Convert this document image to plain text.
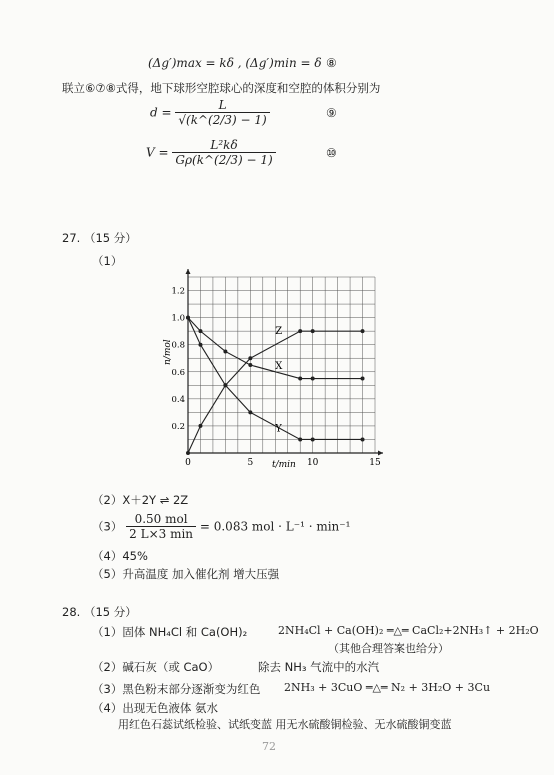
(Δg′)max = kδ , (Δg′)min = δ ⑧
联立⑥⑦⑧式得，地下球形空腔球心的深度和空腔的体积分别为
$d = \frac{L}{√(k\^{}(2/3) - 1)}$	⑨
$V = \frac{\text{L²kδ}}{G\rho(k\^{}(2/3) - 1)}$	⑩
27. （15 分）
（1）
X
Y
Z
0	5	10	15
0.2
0.4
0.6
0.8
1.0
1.2
t/min
n/mol
（2）X＋2Y ⇌ 2Z
$(3) \frac{\text{0.50 mol}}{2 L\times 3 \min} = 0.083$ mol · L⁻¹ · min⁻¹
（4）45%
（5）升高温度 加入催化剂 增大压强
28. （15 分）
（1）固体 NH₄Cl 和 Ca(OH)₂	2NH₄Cl + Ca(OH)₂ ═△═ CaCl₂+2NH₃↑ + 2H₂O
（其他合理答案也给分）
（2）碱石灰（或 CaO）	除去 NH₃ 气流中的水汽
（3）黑色粉末部分逐渐变为红色 2NH₃ + 3CuO ═△═ N₂ + 3H₂O + 3Cu
（4）出现无色液体 氨水
用红色石蕊试纸检验、试纸变蓝 用无水硫酸铜检验、无水硫酸铜变蓝
72
